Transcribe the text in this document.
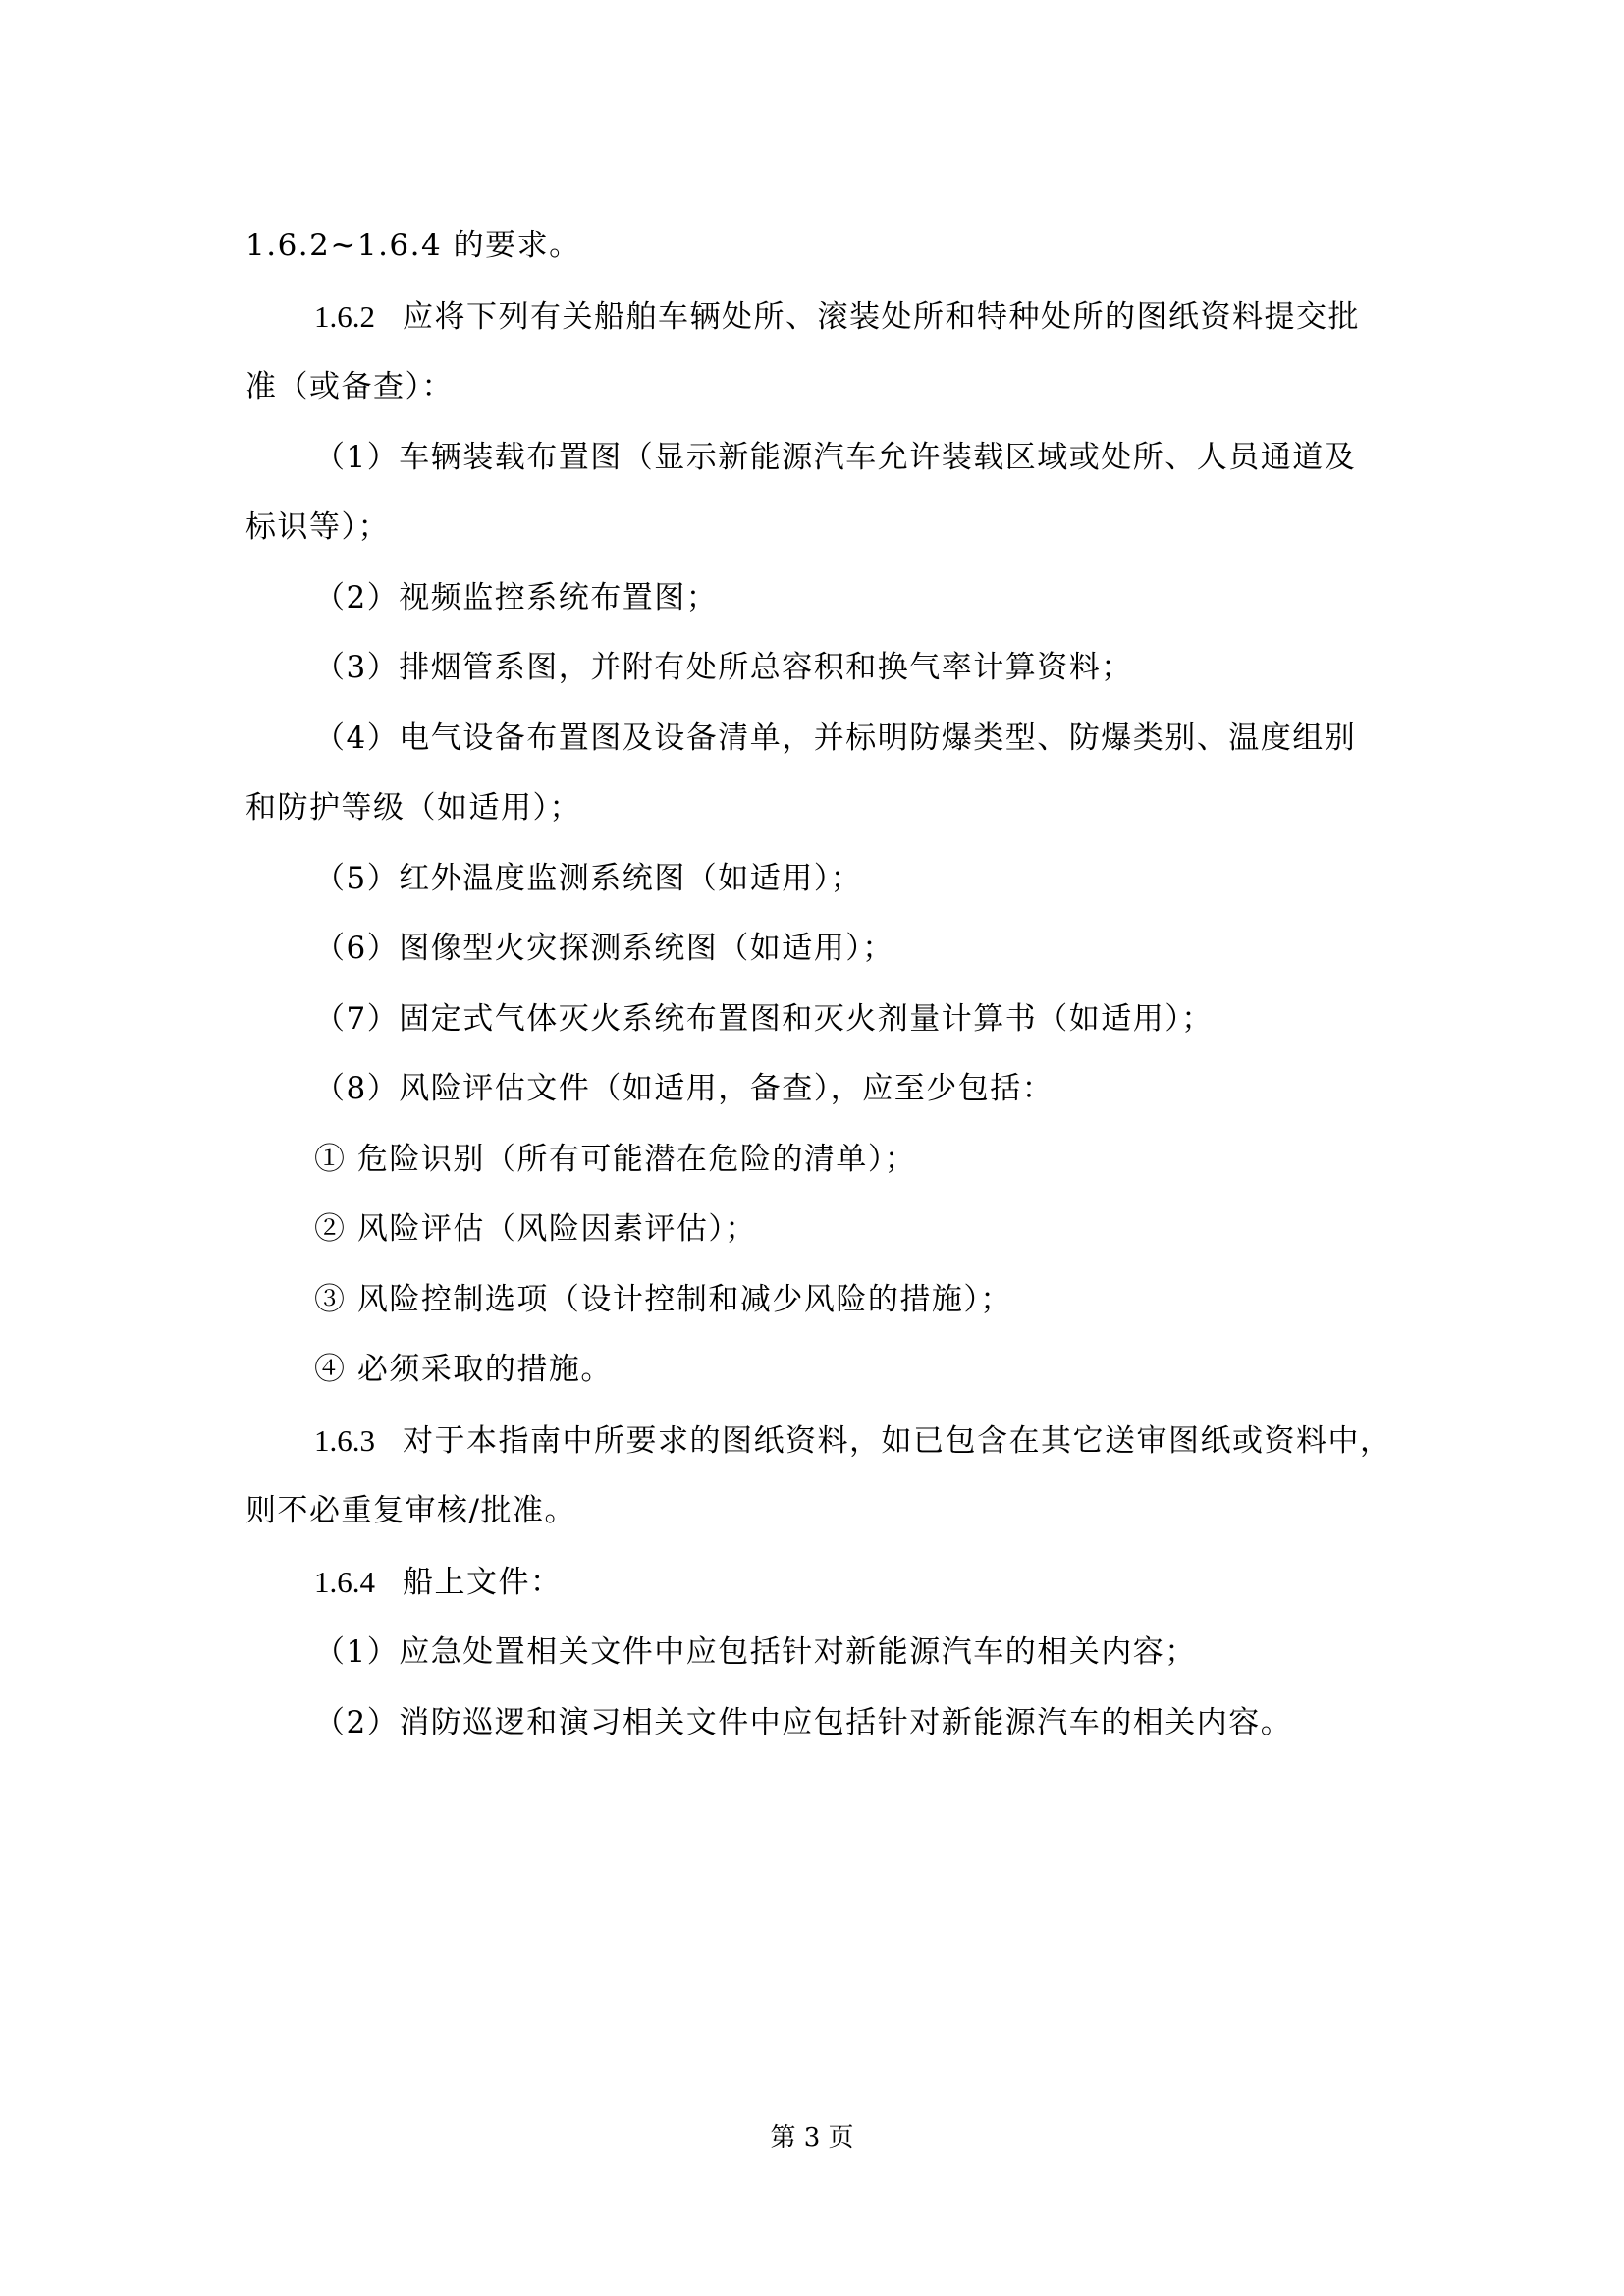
1.6.2~1.6.4 的要求。

1.6.2 应将下列有关船舶车辆处所、滚装处所和特种处所的图纸资料提交批

准（或备查）：

（1）车辆装载布置图（显示新能源汽车允许装载区域或处所、人员通道及

标识等）；

（2）视频监控系统布置图；

（3）排烟管系图，并附有处所总容积和换气率计算资料；

（4）电气设备布置图及设备清单，并标明防爆类型、防爆类别、温度组别

和防护等级（如适用）；

（5）红外温度监测系统图（如适用）；

（6）图像型火灾探测系统图（如适用）；

（7）固定式气体灭火系统布置图和灭火剂量计算书（如适用）；

（8）风险评估文件（如适用，备查），应至少包括：

① 危险识别（所有可能潜在危险的清单）；

② 风险评估（风险因素评估）；

③ 风险控制选项（设计控制和减少风险的措施）；

④ 必须采取的措施。

1.6.3 对于本指南中所要求的图纸资料，如已包含在其它送审图纸或资料中，

则不必重复审核/批准。

1.6.4 船上文件：

（1）应急处置相关文件中应包括针对新能源汽车的相关内容；

（2）消防巡逻和演习相关文件中应包括针对新能源汽车的相关内容。

第 3 页
